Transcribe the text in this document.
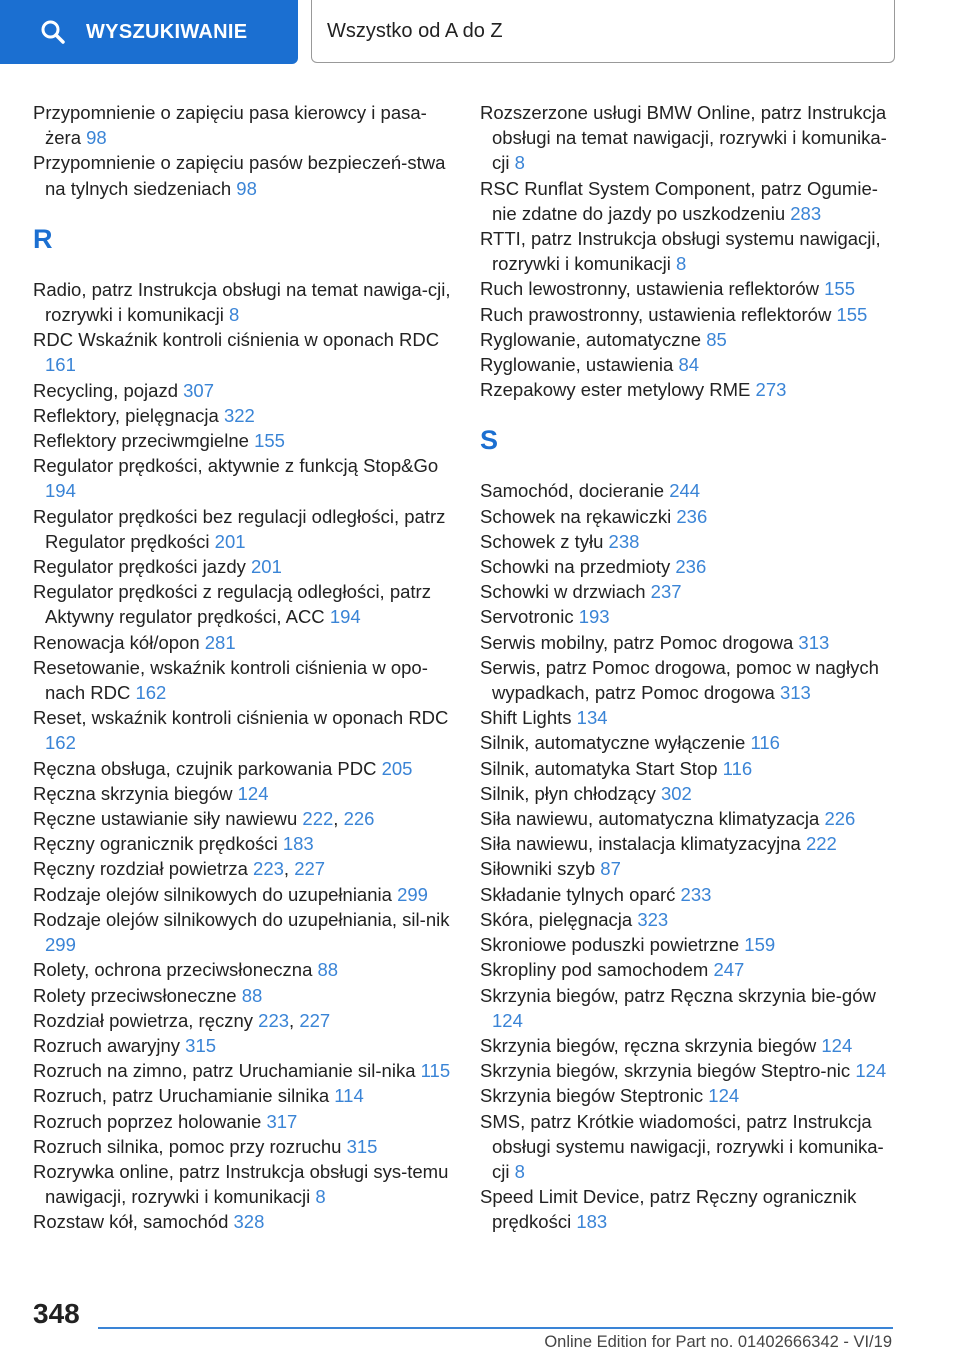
WYSZUKIWANIE	Wszystko od A do Z
Przypomnienie o zapięciu pasa kierowcy i pasa-żera 98
Przypomnienie o zapięciu pasów bezpieczeń-stwa na tylnych siedzeniach 98
R
Radio, patrz Instrukcja obsługi na temat nawiga-cji, rozrywki i komunikacji 8
RDC Wskaźnik kontroli ciśnienia w oponach RDC 161
Recycling, pojazd 307
Reflektory, pielęgnacja 322
Reflektory przeciwmgielne 155
Regulator prędkości, aktywnie z funkcją Stop&Go 194
Regulator prędkości bez regulacji odległości, patrz Regulator prędkości 201
Regulator prędkości jazdy 201
Regulator prędkości z regulacją odległości, patrz Aktywny regulator prędkości, ACC 194
Renowacja kół/opon 281
Resetowanie, wskaźnik kontroli ciśnienia w opo-nach RDC 162
Reset, wskaźnik kontroli ciśnienia w oponach RDC 162
Ręczna obsługa, czujnik parkowania PDC 205
Ręczna skrzynia biegów 124
Ręczne ustawianie siły nawiewu 222, 226
Ręczny ogranicznik prędkości 183
Ręczny rozdział powietrza 223, 227
Rodzaje olejów silnikowych do uzupełniania 299
Rodzaje olejów silnikowych do uzupełniania, sil-nik 299
Rolety, ochrona przeciwsłoneczna 88
Rolety przeciwsłoneczne 88
Rozdział powietrza, ręczny 223, 227
Rozruch awaryjny 315
Rozruch na zimno, patrz Uruchamianie sil-nika 115
Rozruch, patrz Uruchamianie silnika 114
Rozruch poprzez holowanie 317
Rozruch silnika, pomoc przy rozruchu 315
Rozrywka online, patrz Instrukcja obsługi sys-temu nawigacji, rozrywki i komunikacji 8
Rozstaw kół, samochód 328
Rozszerzone usługi BMW Online, patrz Instrukcja obsługi na temat nawigacji, rozrywki i komunika-cji 8
RSC Runflat System Component, patrz Ogumie-nie zdatne do jazdy po uszkodzeniu 283
RTTI, patrz Instrukcja obsługi systemu nawigacji, rozrywki i komunikacji 8
Ruch lewostronny, ustawienia reflektorów 155
Ruch prawostronny, ustawienia reflektorów 155
Ryglowanie, automatyczne 85
Ryglowanie, ustawienia 84
Rzepakowy ester metylowy RME 273
S
Samochód, docieranie 244
Schowek na rękawiczki 236
Schowek z tyłu 238
Schowki na przedmioty 236
Schowki w drzwiach 237
Servotronic 193
Serwis mobilny, patrz Pomoc drogowa 313
Serwis, patrz Pomoc drogowa, pomoc w nagłych wypadkach, patrz Pomoc drogowa 313
Shift Lights 134
Silnik, automatyczne wyłączenie 116
Silnik, automatyka Start Stop 116
Silnik, płyn chłodzący 302
Siła nawiewu, automatyczna klimatyzacja 226
Siła nawiewu, instalacja klimatyzacyjna 222
Siłowniki szyb 87
Składanie tylnych oparć 233
Skóra, pielęgnacja 323
Skroniowe poduszki powietrzne 159
Skropliny pod samochodem 247
Skrzynia biegów, patrz Ręczna skrzynia bie-gów 124
Skrzynia biegów, ręczna skrzynia biegów 124
Skrzynia biegów, skrzynia biegów Steptro-nic 124
Skrzynia biegów Steptronic 124
SMS, patrz Krótkie wiadomości, patrz Instrukcja obsługi systemu nawigacji, rozrywki i komunika-cji 8
Speed Limit Device, patrz Ręczny ogranicznik prędkości 183
348
Online Edition for Part no. 01402666342 - VI/19
